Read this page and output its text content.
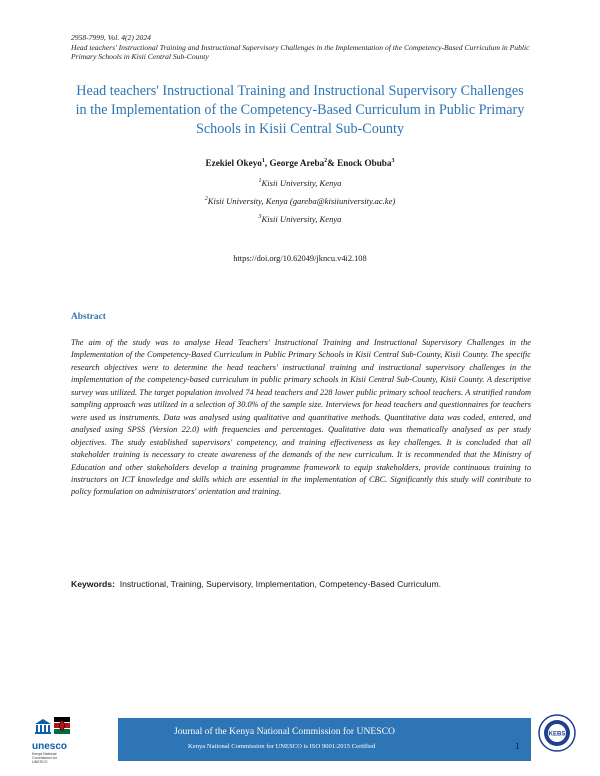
2958-7999, Vol. 4(2) 2024
Head teachers' Instructional Training and Instructional Supervisory Challenges in the Implementation of the Competency-Based Curriculum in Public Primary Schools in Kisii Central Sub-County
Head teachers' Instructional Training and Instructional Supervisory Challenges in the Implementation of the Competency-Based Curriculum in Public Primary Schools in Kisii Central Sub-County
Ezekiel Okeyo$^1$, George Areba$^2$& Enock Obuba$^3$
$^1$Kisii University, Kenya
$^2$Kisii University, Kenya (gareba@kisiiuniversity.ac.ke)
$^3$Kisii University, Kenya
https://doi.org/10.62049/jkncu.v4i2.108
Abstract

The aim of the study was to analyse Head Teachers' Instructional Training and Instructional Supervisory Challenges in the Implementation of the Competency-Based Curriculum in Public Primary Schools in Kisii Central Sub-County, Kisii County. The specific research objectives were to determine the head teachers' instructional training and instructional supervisory challenges in the implementation of the competency-based curriculum in public primary schools in Kisii Central Sub-County, Kisii County. A descriptive survey was utilized. The target population involved 74 head teachers and 228 lower public primary school teachers. A stratified random sampling approach was utilized in a selection of 30.0% of the sample size. Interviews for head teachers and questionnaires for teachers were used as instruments. Data was analysed using qualitative and quantitative methods. Quantitative data was coded, entered, and analysed using SPSS (Version 22.0) with frequencies and percentages. Qualitative data was thematically analysed as per study objectives. The study established supervisors' competency, and training effectiveness as key challenges. It is concluded that all stakeholder training is necessary to create awareness of the demands of the new curriculum. It is recommended that the Ministry of Education and other stakeholders develop a training programme framework to equip stakeholders, provide continuous training to instructors on ICT knowledge and skills which are essential in the implementation of CBC. Significantly this study will contribute to policy formulation on administrators' orientation and training.

Keywords: Instructional, Training, Supervisory, Implementation, Competency-Based Curriculum.
unesco
Kenya National Commission for UNESCO
Journal of the Kenya National Commission for UNESCO
Kenya National Commission for UNESCO is ISO 9001:2015 Certified	1
KEBS
